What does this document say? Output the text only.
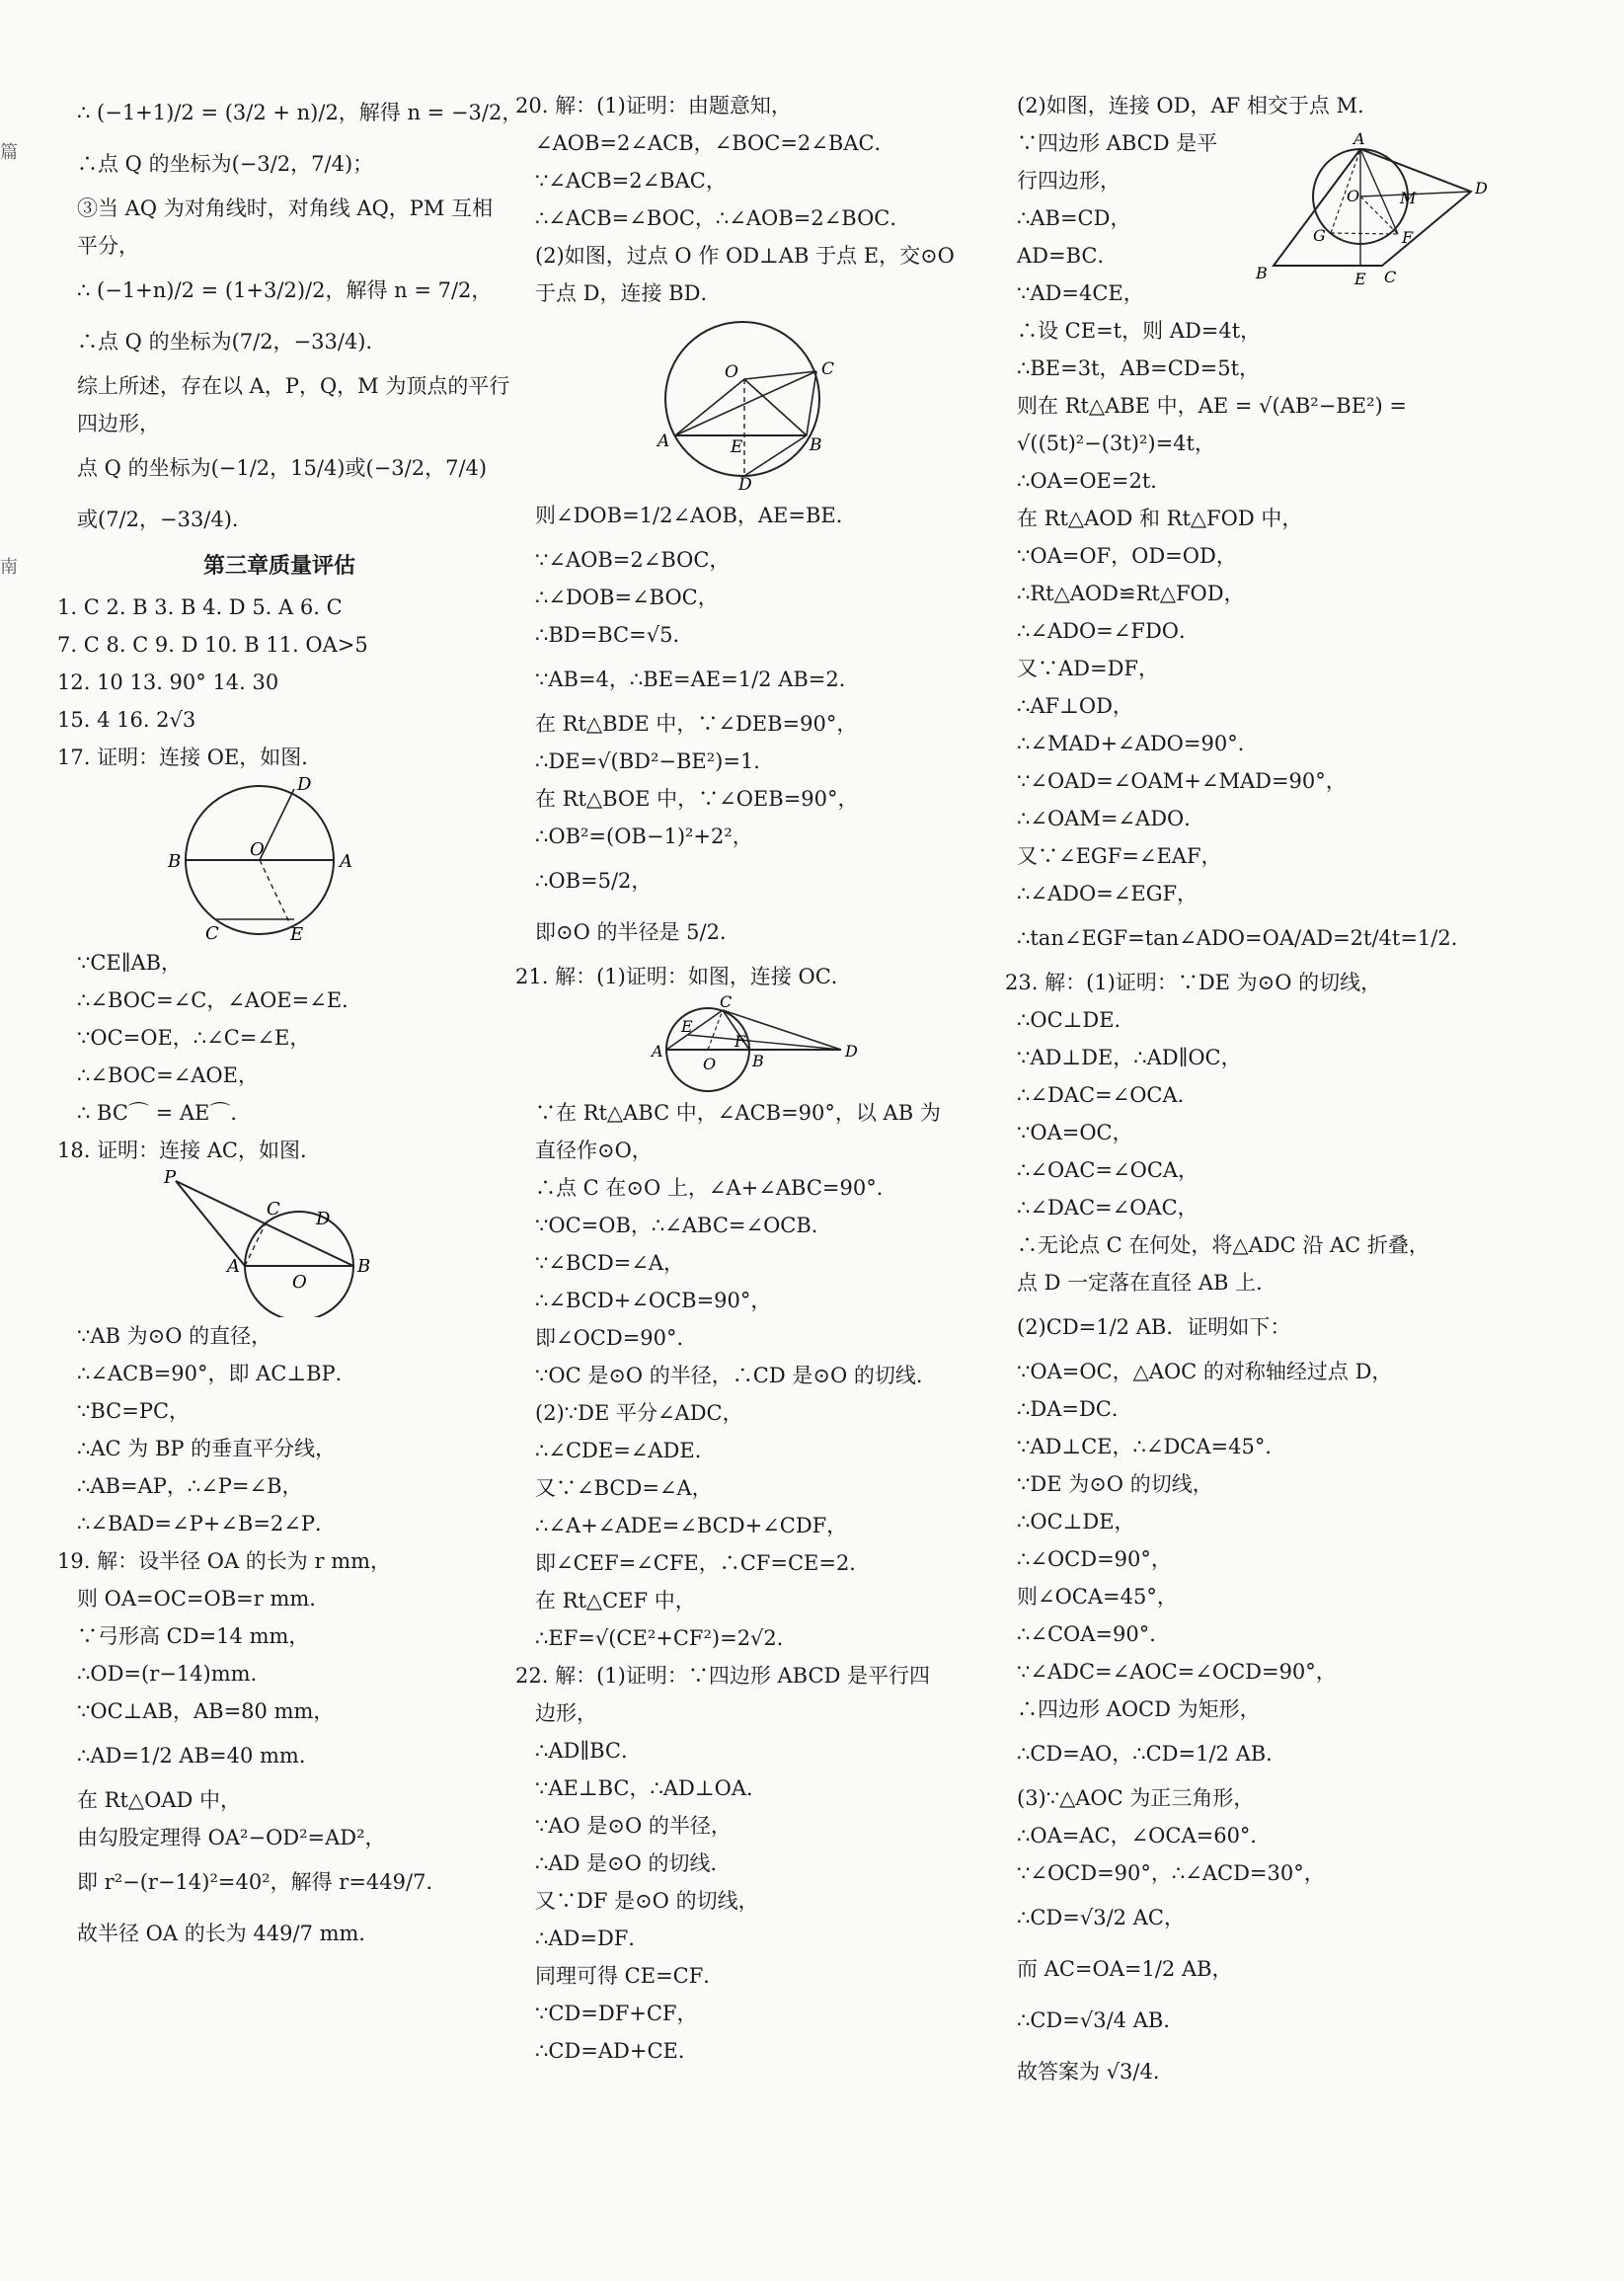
篇
南
∴ (−1+1)/2 = (3/2 + n)/2，解得 n = −3/2，
∴点 Q 的坐标为(−3/2，7/4)；
③当 AQ 为对角线时，对角线 AQ，PM 互相
平分，
∴ (−1+n)/2 = (1+3/2)/2，解得 n = 7/2，
∴点 Q 的坐标为(7/2，−33/4)．
综上所述，存在以 A，P，Q，M 为顶点的平行
四边形，
点 Q 的坐标为(−1/2，15/4)或(−3/2，7/4)
或(7/2，−33/4)．
第三章质量评估
1. C 2. B 3. B 4. D 5. A 6. C
7. C 8. C 9. D 10. B 11. OA>5
12. 10 13. 90° 14. 30
15. 4 16. 2√3
17. 证明：连接 OE，如图．
D
B
O
A
C	E
∵CE∥AB，
∴∠BOC=∠C，∠AOE=∠E．
∵OC=OE，∴∠C=∠E，
∴∠BOC=∠AOE，
∴ BC⌒ = AE⌒．
18. 证明：连接 AC，如图．
P
C D
A
O
B
∵AB 为⊙O 的直径，
∴∠ACB=90°，即 AC⊥BP．
∵BC=PC，
∴AC 为 BP 的垂直平分线，
∴AB=AP，∴∠P=∠B，
∴∠BAD=∠P+∠B=2∠P．
19. 解：设半径 OA 的长为 r mm，
则 OA=OC=OB=r mm．
∵弓形高 CD=14 mm，
∴OD=(r−14)mm．
∵OC⊥AB，AB=80 mm，
∴AD=1/2 AB=40 mm．
在 Rt△OAD 中，
由勾股定理得 OA²−OD²=AD²，
即 r²−(r−14)²=40²，解得 r=449/7．
故半径 OA 的长为 449/7 mm．
20. 解：(1)证明：由题意知，
∠AOB=2∠ACB，∠BOC=2∠BAC．
∵∠ACB=2∠BAC，
∴∠ACB=∠BOC，∴∠AOB=2∠BOC．
(2)如图，过点 O 作 OD⊥AB 于点 E，交⊙O
于点 D，连接 BD．
O	C
A	E	B
D
则∠DOB=1/2∠AOB，AE=BE．
∵∠AOB=2∠BOC，
∴∠DOB=∠BOC，
∴BD=BC=√5．
∵AB=4，∴BE=AE=1/2 AB=2．
在 Rt△BDE 中，∵∠DEB=90°，
∴DE=√(BD²−BE²)=1．
在 Rt△BOE 中，∵∠OEB=90°，
∴OB²=(OB−1)²+2²，
∴OB=5/2，
即⊙O 的半径是 5/2．
21. 解：(1)证明：如图，连接 OC．
C
E
A
O
F
B
D
∵在 Rt△ABC 中，∠ACB=90°，以 AB 为
直径作⊙O，
∴点 C 在⊙O 上，∠A+∠ABC=90°．
∵OC=OB，∴∠ABC=∠OCB．
∵∠BCD=∠A，
∴∠BCD+∠OCB=90°，
即∠OCD=90°．
∵OC 是⊙O 的半径，∴CD 是⊙O 的切线．
(2)∵DE 平分∠ADC，
∴∠CDE=∠ADE．
又∵∠BCD=∠A，
∴∠A+∠ADE=∠BCD+∠CDF，
即∠CEF=∠CFE，∴CF=CE=2．
在 Rt△CEF 中，
∴EF=√(CE²+CF²)=2√2．
22. 解：(1)证明：∵四边形 ABCD 是平行四
边形，
∴AD∥BC．
∵AE⊥BC，∴AD⊥OA．
∵AO 是⊙O 的半径，
∴AD 是⊙O 的切线．
又∵DF 是⊙O 的切线，
∴AD=DF．
同理可得 CE=CF．
∵CD=DF+CF，
∴CD=AD+CE．
A
D
O	M
G	F
B	E C
(2)如图，连接 OD，AF 相交于点 M．
∵四边形 ABCD 是平
行四边形，
∴AB=CD，
AD=BC．
∵AD=4CE，
∴设 CE=t，则 AD=4t，
∴BE=3t，AB=CD=5t，
则在 Rt△ABE 中，AE = √(AB²−BE²) =
√((5t)²−(3t)²)=4t，
∴OA=OE=2t．
在 Rt△AOD 和 Rt△FOD 中，
∵OA=OF，OD=OD，
∴Rt△AOD≌Rt△FOD，
∴∠ADO=∠FDO．
又∵AD=DF，
∴AF⊥OD，
∴∠MAD+∠ADO=90°．
∵∠OAD=∠OAM+∠MAD=90°，
∴∠OAM=∠ADO．
又∵∠EGF=∠EAF，
∴∠ADO=∠EGF，
∴tan∠EGF=tan∠ADO=OA/AD=2t/4t=1/2．
23. 解：(1)证明：∵DE 为⊙O 的切线，
∴OC⊥DE．
∵AD⊥DE，∴AD∥OC，
∴∠DAC=∠OCA．
∵OA=OC，
∴∠OAC=∠OCA，
∴∠DAC=∠OAC，
∴无论点 C 在何处，将△ADC 沿 AC 折叠，
点 D 一定落在直径 AB 上．
(2)CD=1/2 AB．证明如下：
∵OA=OC，△AOC 的对称轴经过点 D，
∴DA=DC．
∵AD⊥CE，∴∠DCA=45°．
∵DE 为⊙O 的切线，
∴OC⊥DE，
∴∠OCD=90°，
则∠OCA=45°，
∴∠COA=90°．
∵∠ADC=∠AOC=∠OCD=90°，
∴四边形 AOCD 为矩形，
∴CD=AO，∴CD=1/2 AB．
(3)∵△AOC 为正三角形，
∴OA=AC，∠OCA=60°．
∵∠OCD=90°，∴∠ACD=30°，
∴CD=√3/2 AC，
而 AC=OA=1/2 AB，
∴CD=√3/4 AB．
故答案为 √3/4．
